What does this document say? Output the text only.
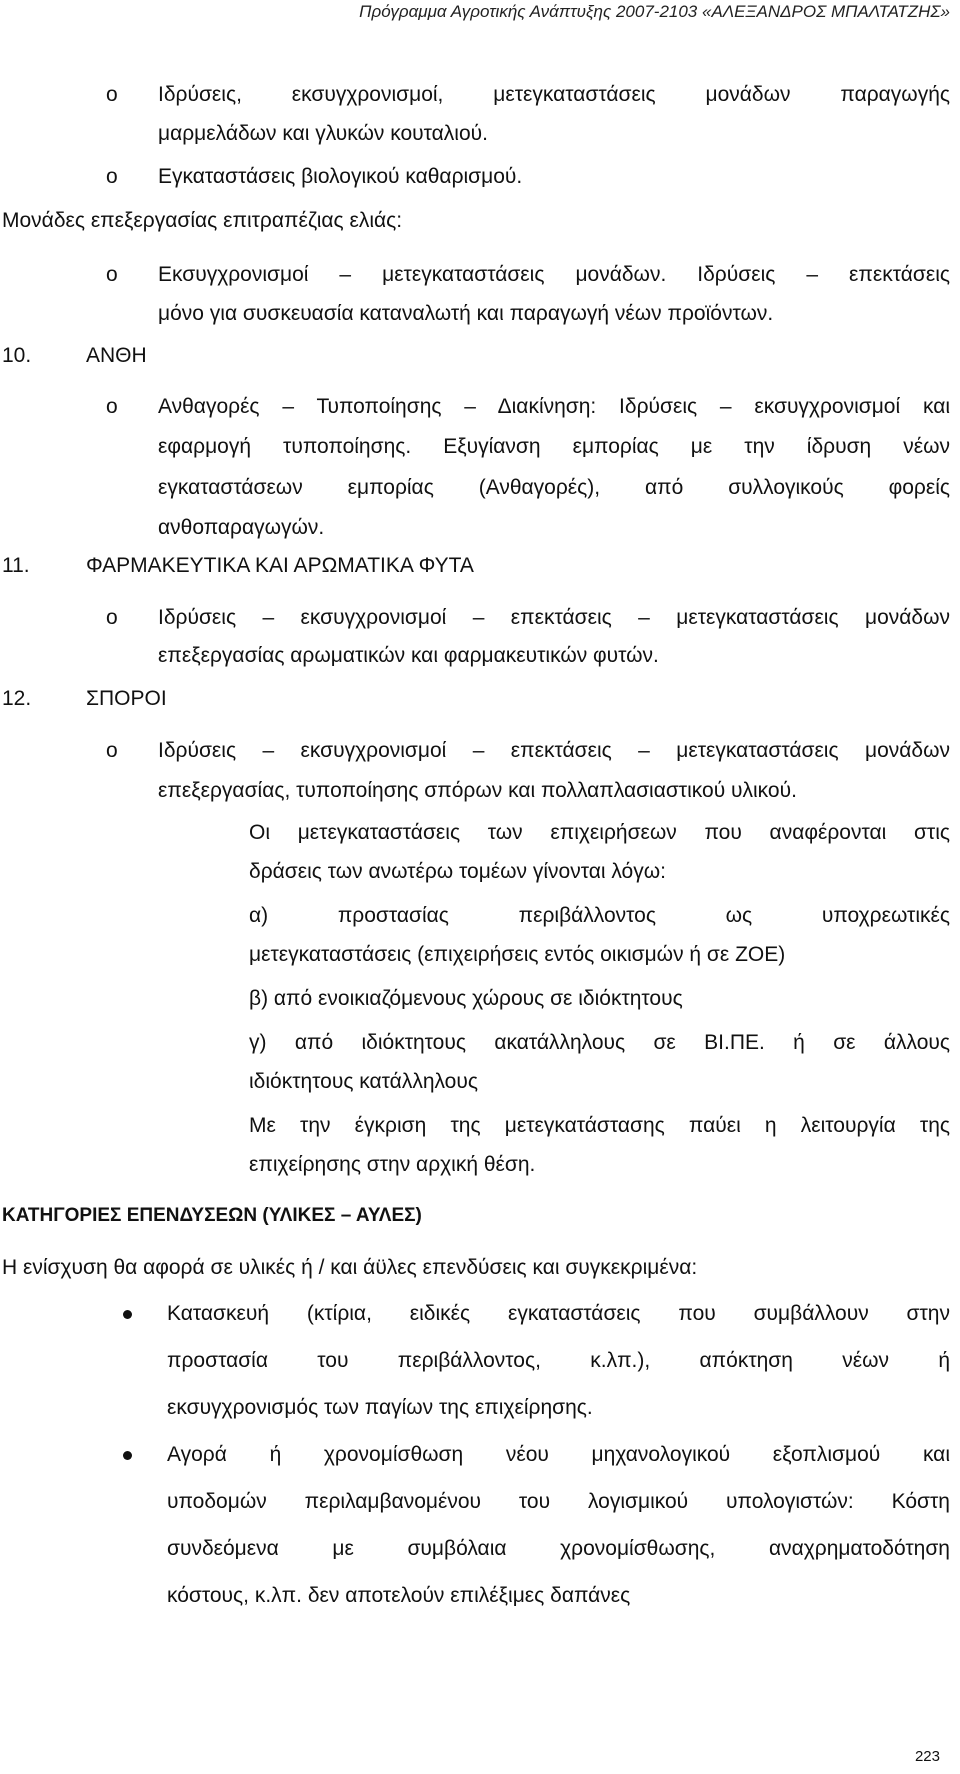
Πρόγραμμα Αγροτικής Ανάπτυξης 2007-2103 «ΑΛΕΞΑΝΔΡΟΣ ΜΠΑΛΤΑΤΖΗΣ»
o Ιδρύσεις, εκσυγχρονισμοί, μετεγκαταστάσεις μονάδων παραγωγής
μαρμελάδων και γλυκών κουταλιού.
o Εγκαταστάσεις βιολογικού καθαρισμού.
Μονάδες επεξεργασίας επιτραπέζιας ελιάς:
o Εκσυγχρονισμοί – μετεγκαταστάσεις μονάδων. Ιδρύσεις – επεκτάσεις
μόνο για συσκευασία καταναλωτή και παραγωγή νέων προϊόντων.
10.	ΑΝΘΗ
o Ανθαγορές – Τυποποίησης – Διακίνηση: Ιδρύσεις – εκσυγχρονισμοί και
εφαρμογή τυποποίησης. Εξυγίανση εμπορίας με την ίδρυση νέων
εγκαταστάσεων εμπορίας (Ανθαγορές), από συλλογικούς φορείς
ανθοπαραγωγών.
11.	ΦΑΡΜΑΚΕΥΤΙΚΑ ΚΑΙ ΑΡΩΜΑΤΙΚΑ ΦΥΤΑ
o Ιδρύσεις – εκσυγχρονισμοί – επεκτάσεις – μετεγκαταστάσεις μονάδων
επεξεργασίας αρωματικών και φαρμακευτικών φυτών.
12.	ΣΠΟΡΟΙ
o Ιδρύσεις – εκσυγχρονισμοί – επεκτάσεις – μετεγκαταστάσεις μονάδων
επεξεργασίας, τυποποίησης σπόρων και πολλαπλασιαστικού υλικού.
Οι μετεγκαταστάσεις των επιχειρήσεων που αναφέρονται στις
δράσεις των ανωτέρω τομέων γίνονται λόγω:
α) προστασίας περιβάλλοντος ως υποχρεωτικές
μετεγκαταστάσεις (επιχειρήσεις εντός οικισμών ή σε ΖΟΕ)
β) από ενοικιαζόμενους χώρους σε ιδιόκτητους
γ) από ιδιόκτητους ακατάλληλους σε ΒΙ.ΠΕ. ή σε άλλους
ιδιόκτητους κατάλληλους
Με την έγκριση της μετεγκατάστασης παύει η λειτουργία της
επιχείρησης στην αρχική θέση.
ΚΑΤΗΓΟΡΙΕΣ ΕΠΕΝΔΥΣΕΩΝ (ΥΛΙΚΕΣ – ΑΥΛΕΣ)
Η ενίσχυση θα αφορά σε υλικές ή / και άϋλες επενδύσεις και συγκεκριμένα:
Κατασκευή (κτίρια, ειδικές εγκαταστάσεις που συμβάλλουν στην
προστασία του περιβάλλοντος, κ.λπ.), απόκτηση νέων ή
εκσυγχρονισμός των παγίων της επιχείρησης.
Αγορά ή χρονομίσθωση νέου μηχανολογικού εξοπλισμού και
υποδομών περιλαμβανομένου του λογισμικού υπολογιστών: Κόστη
συνδεόμενα με συμβόλαια χρονομίσθωσης, αναχρηματοδότηση
κόστους, κ.λπ. δεν αποτελούν επιλέξιμες δαπάνες
223
